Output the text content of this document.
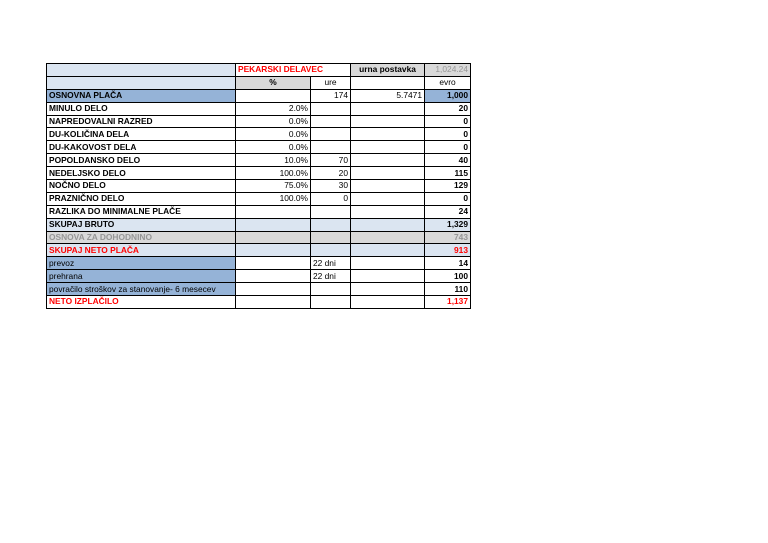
	PEKARSKI DELAVEC		urna postavka	1,024.24
	%	ure		evro
OSNOVNA PLAČA		174	5.7471	1,000
MINULO DELO	2.0%			20
NAPREDOVALNI RAZRED	0.0%			0
DU-KOLIČINA DELA	0.0%			0
DU-KAKOVOST DELA	0.0%			0
POPOLDANSKO DELO	10.0%	70		40
NEDELJSKO DELO	100.0%	20		115
NOČNO DELO	75.0%	30		129
PRAZNIČNO DELO	100.0%	0		0
RAZLIKA DO MINIMALNE PLAČE				24
SKUPAJ BRUTO				1,329
OSNOVA ZA DOHODNINO				743
SKUPAJ NETO PLAČA				913
prevoz		22 dni		14
prehrana		22 dni		100
povračilo stroškov za stanovanje- 6 mesecev				110
NETO IZPLAČILO				1,137
